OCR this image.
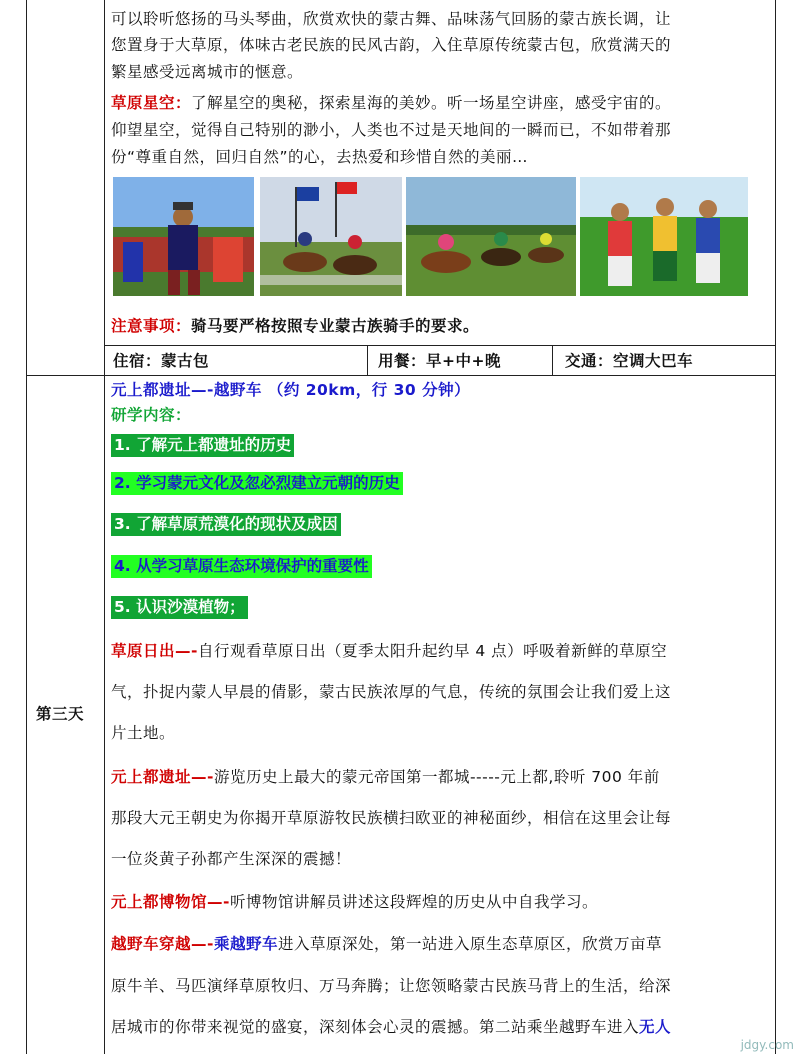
可以聆听悠扬的马头琴曲，欣赏欢快的蒙古舞、品味荡气回肠的蒙古族长调，让
您置身于大草原，体味古老民族的民风古韵，入住草原传统蒙古包，欣赏满天的
繁星感受远离城市的惬意。
草原星空：了解星空的奥秘，探索星海的美妙。听一场星空讲座，感受宇宙的。
仰望星空，觉得自己特别的渺小，人类也不过是天地间的一瞬而已，不如带着那
份“尊重自然，回归自然”的心，去热爱和珍惜自然的美丽…
注意事项：骑马要严格按照专业蒙古族骑手的要求。
住宿：蒙古包	用餐：早+中+晚	交通：空调大巴车
第三天
元上都遗址—-越野车 （约 20km，行 30 分钟）
研学内容：
1. 了解元上都遗址的历史
2. 学习蒙元文化及忽必烈建立元朝的历史
3. 了解草原荒漠化的现状及成因
4. 从学习草原生态环境保护的重要性
5. 认识沙漠植物；
草原日出—-自行观看草原日出（夏季太阳升起约早 4 点）呼吸着新鲜的草原空
气，扑捉内蒙人早晨的倩影，蒙古民族浓厚的气息，传统的氛围会让我们爱上这
片土地。
元上都遗址—-游览历史上最大的蒙元帝国第一都城-----元上都,聆听 700 年前
那段大元王朝史为你揭开草原游牧民族横扫欧亚的神秘面纱，相信在这里会让每
一位炎黄子孙都产生深深的震撼！
元上都博物馆—-听博物馆讲解员讲述这段辉煌的历史从中自我学习。
越野车穿越—-乘越野车进入草原深处，第一站进入原生态草原区，欣赏万亩草
原牛羊、马匹演绎草原牧归、万马奔腾；让您领略蒙古民族马背上的生活，给深
居城市的你带来视觉的盛宴，深刻体会心灵的震撼。第二站乘坐越野车进入无人
jdgy.com
